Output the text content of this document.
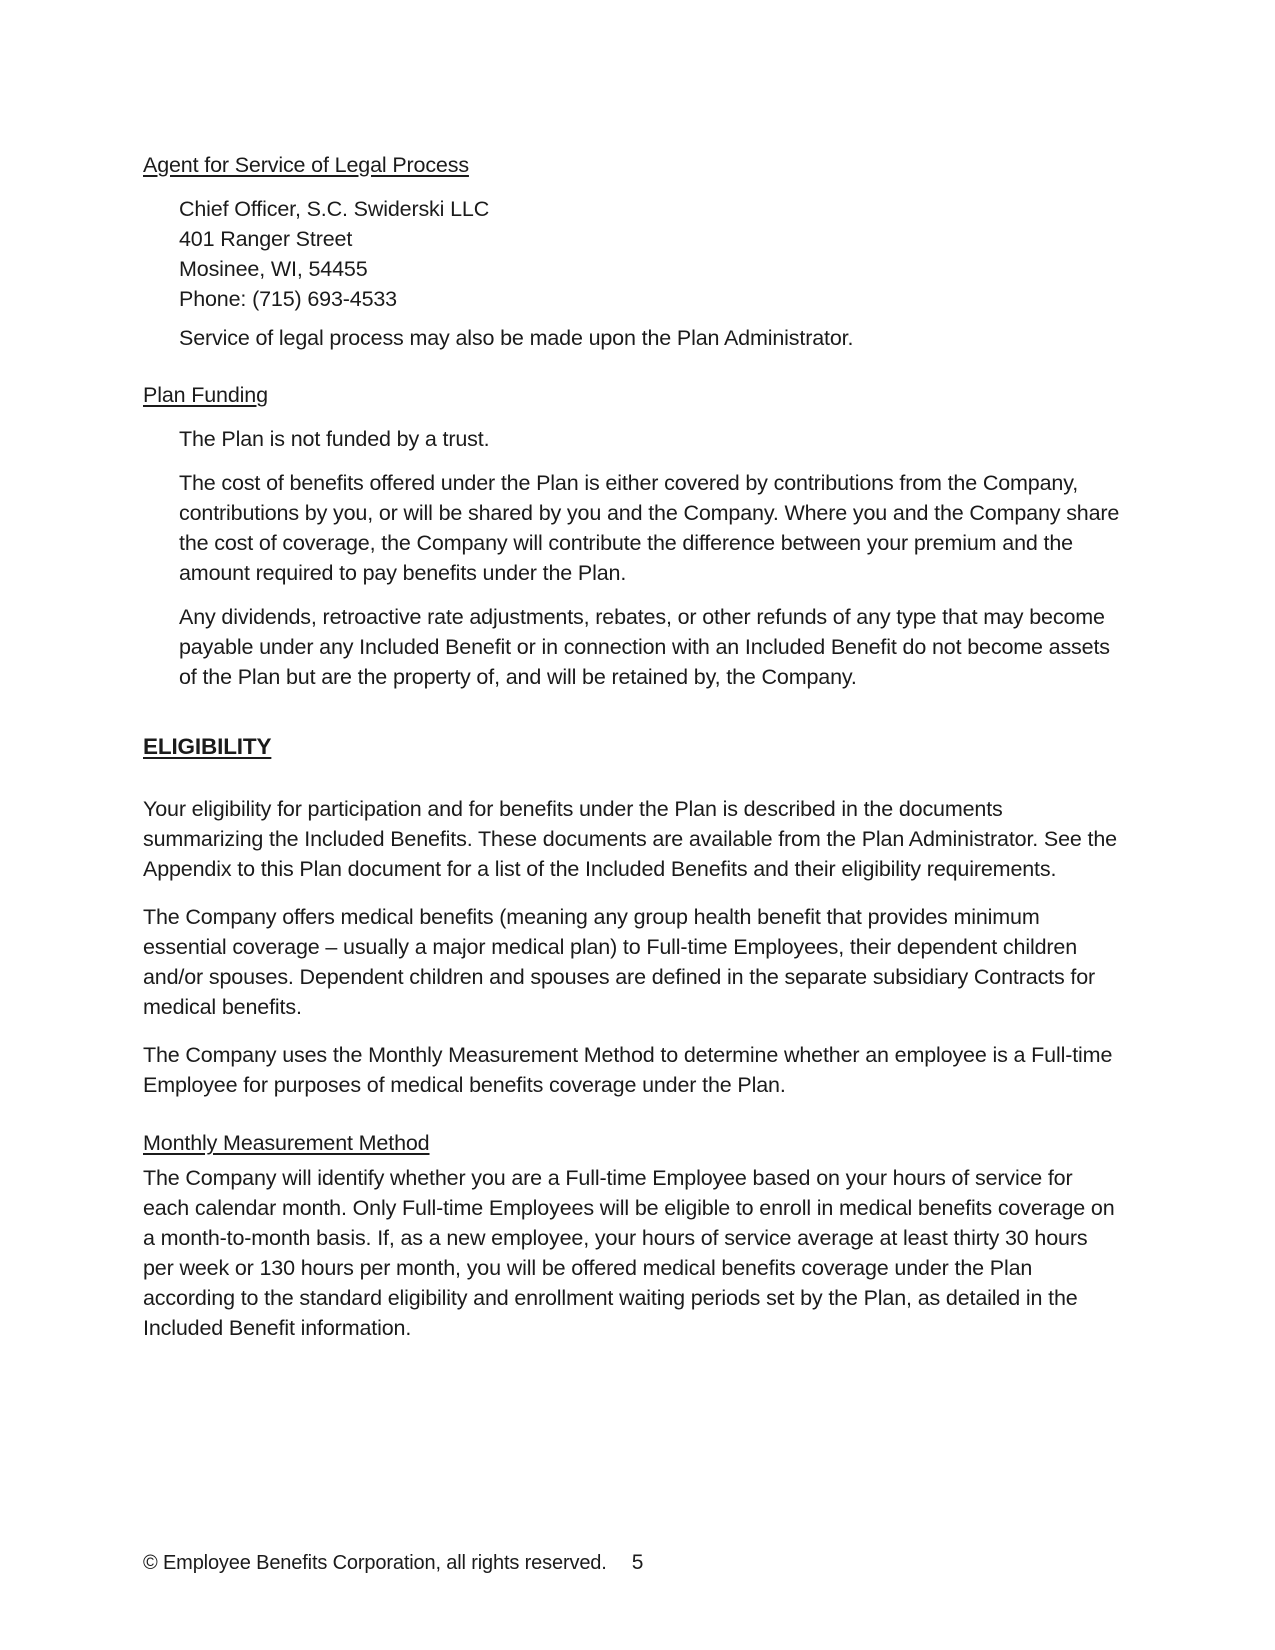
Agent for Service of Legal Process
Chief Officer, S.C. Swiderski LLC
401 Ranger Street
Mosinee, WI, 54455
Phone: (715) 693-4533

Service of legal process may also be made upon the Plan Administrator.

Plan Funding

The Plan is not funded by a trust.

The cost of benefits offered under the Plan is either covered by contributions from the Company, contributions by you, or will be shared by you and the Company. Where you and the Company share the cost of coverage, the Company will contribute the difference between your premium and the amount required to pay benefits under the Plan.

Any dividends, retroactive rate adjustments, rebates, or other refunds of any type that may become payable under any Included Benefit or in connection with an Included Benefit do not become assets of the Plan but are the property of, and will be retained by, the Company.

ELIGIBILITY

Your eligibility for participation and for benefits under the Plan is described in the documents summarizing the Included Benefits. These documents are available from the Plan Administrator. See the Appendix to this Plan document for a list of the Included Benefits and their eligibility requirements.

The Company offers medical benefits (meaning any group health benefit that provides minimum essential coverage – usually a major medical plan) to Full-time Employees, their dependent children and/or spouses. Dependent children and spouses are defined in the separate subsidiary Contracts for medical benefits.

The Company uses the Monthly Measurement Method to determine whether an employee is a Full-time Employee for purposes of medical benefits coverage under the Plan.

Monthly Measurement Method

The Company will identify whether you are a Full-time Employee based on your hours of service for each calendar month. Only Full-time Employees will be eligible to enroll in medical benefits coverage on a month-to-month basis. If, as a new employee, your hours of service average at least thirty 30 hours per week or 130 hours per month, you will be offered medical benefits coverage under the Plan according to the standard eligibility and enrollment waiting periods set by the Plan, as detailed in the Included Benefit information.

© Employee Benefits Corporation, all rights reserved. 5
